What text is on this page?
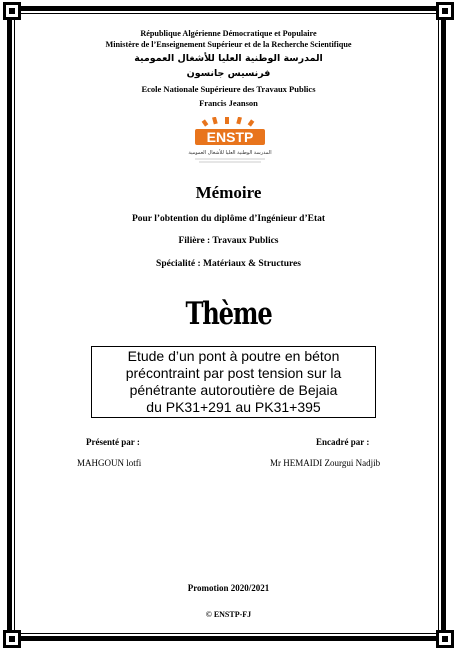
République Algérienne Démocratique et Populaire
Ministère de l’Enseignement Supérieur et de la Recherche Scientifique
المدرسة الوطنية العليا للأشغال العمومية
فرنسيس جانسون
Ecole Nationale Supérieure des Travaux Publics
Francis Jeanson
ENSTP
المدرسة الوطنية العليا للأشغال العمومية
Mémoire
Pour l’obtention du diplôme d’Ingénieur d’Etat
Filière : Travaux Publics
Spécialité : Matériaux & Structures
Thème
Etude d’un pont à poutre en béton
précontraint par post tension sur la
pénétrante autoroutière de Bejaia
du PK31+291 au PK31+395
Présenté par :
MAHGOUN lotfi
Encadré par :
Mr HEMAIDI Zourgui Nadjib
Promotion 2020/2021
© ENSTP-FJ
